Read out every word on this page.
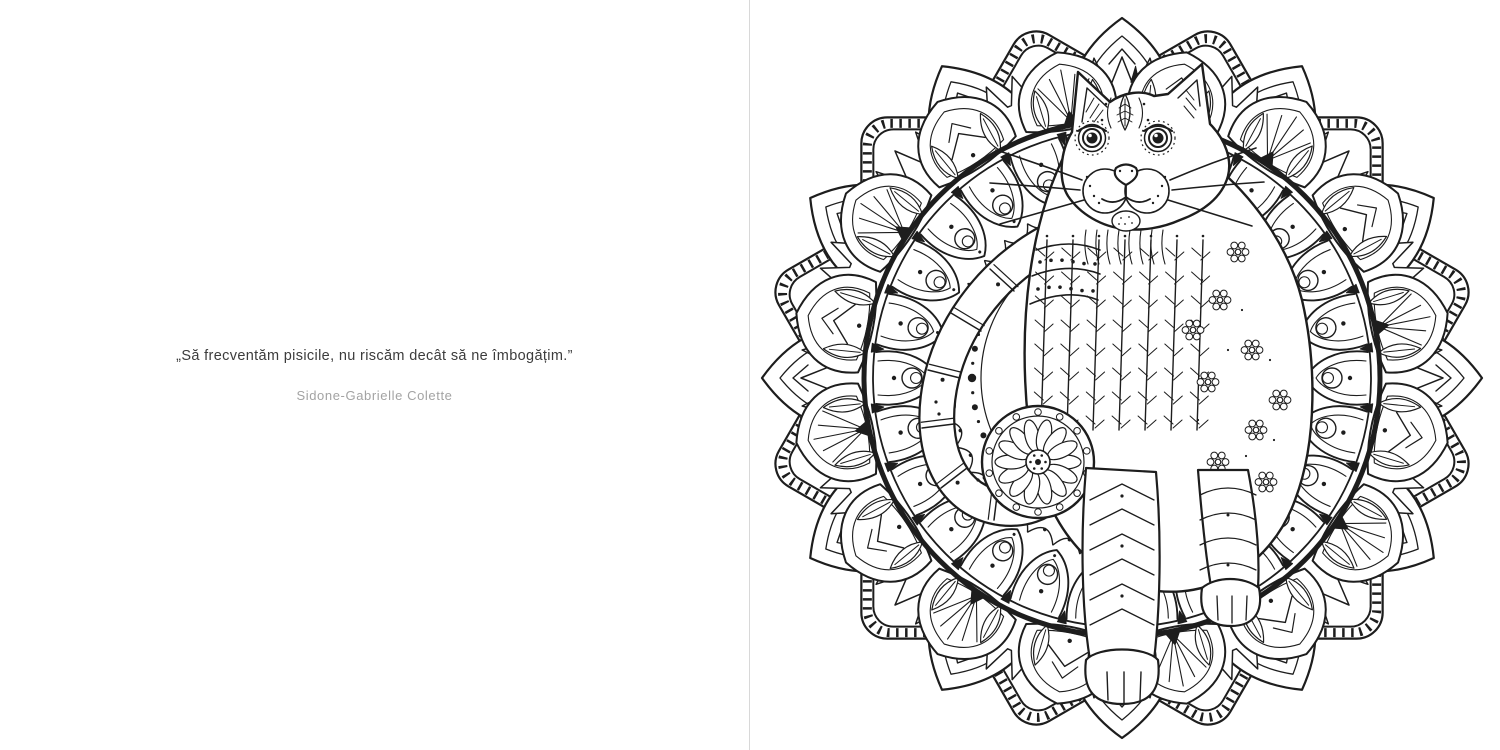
„Să frecventăm pisicile, nu riscăm decât să ne îmbogățim.”
Sidone-Gabrielle Colette
